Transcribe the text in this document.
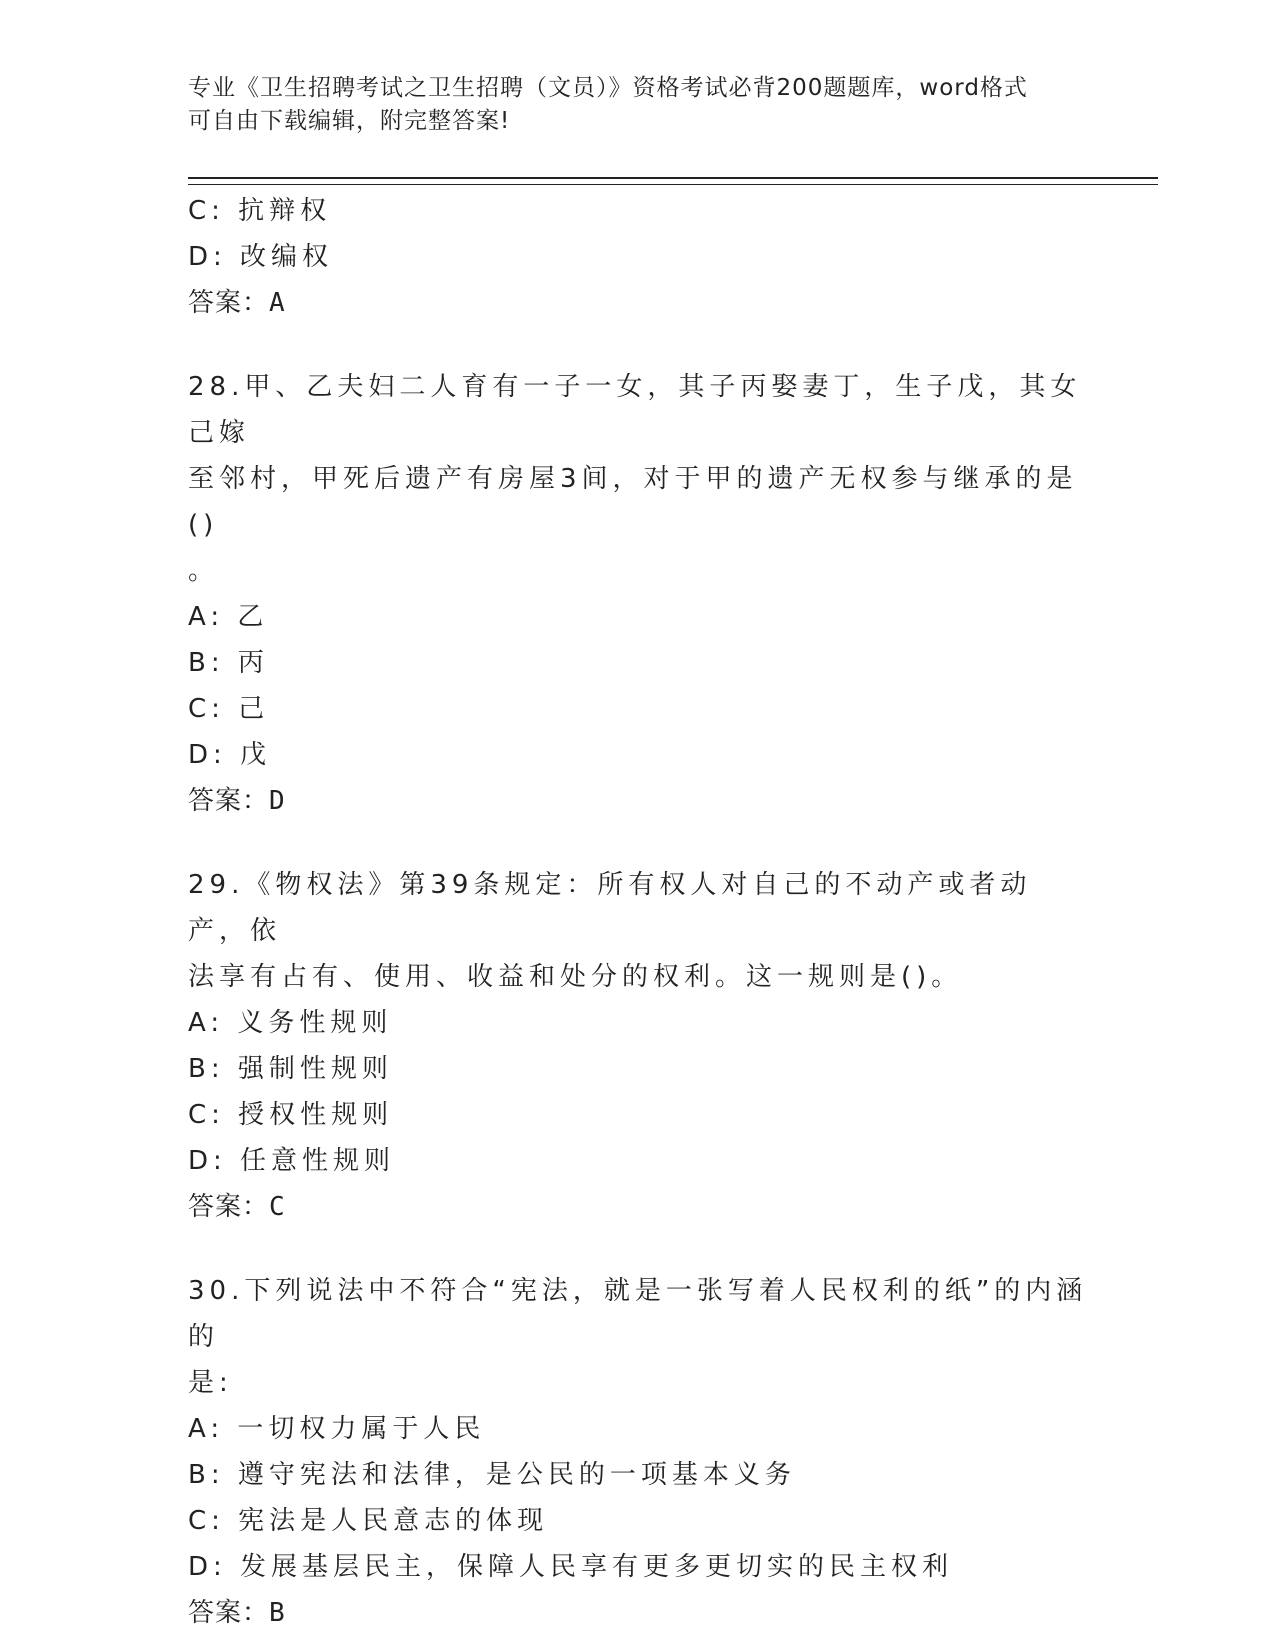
专业《卫生招聘考试之卫生招聘（文员）》资格考试必背200题题库，word格式
可自由下载编辑，附完整答案!
C: 抗辩权
D: 改编权
答案：A
28.甲、乙夫妇二人育有一子一女，其子丙娶妻丁，生子戊，其女己嫁
至邻村，甲死后遗产有房屋3间，对于甲的遗产无权参与继承的是()
。
A: 乙
B: 丙
C: 己
D: 戊
答案：D
29.《物权法》第39条规定：所有权人对自己的不动产或者动产，依
法享有占有、使用、收益和处分的权利。这一规则是()。
A: 义务性规则
B: 强制性规则
C: 授权性规则
D: 任意性规则
答案：C
30.下列说法中不符合“宪法，就是一张写着人民权利的纸”的内涵的
是:
A: 一切权力属于人民
B: 遵守宪法和法律，是公民的一项基本义务
C: 宪法是人民意志的体现
D: 发展基层民主，保障人民享有更多更切实的民主权利
答案：B
